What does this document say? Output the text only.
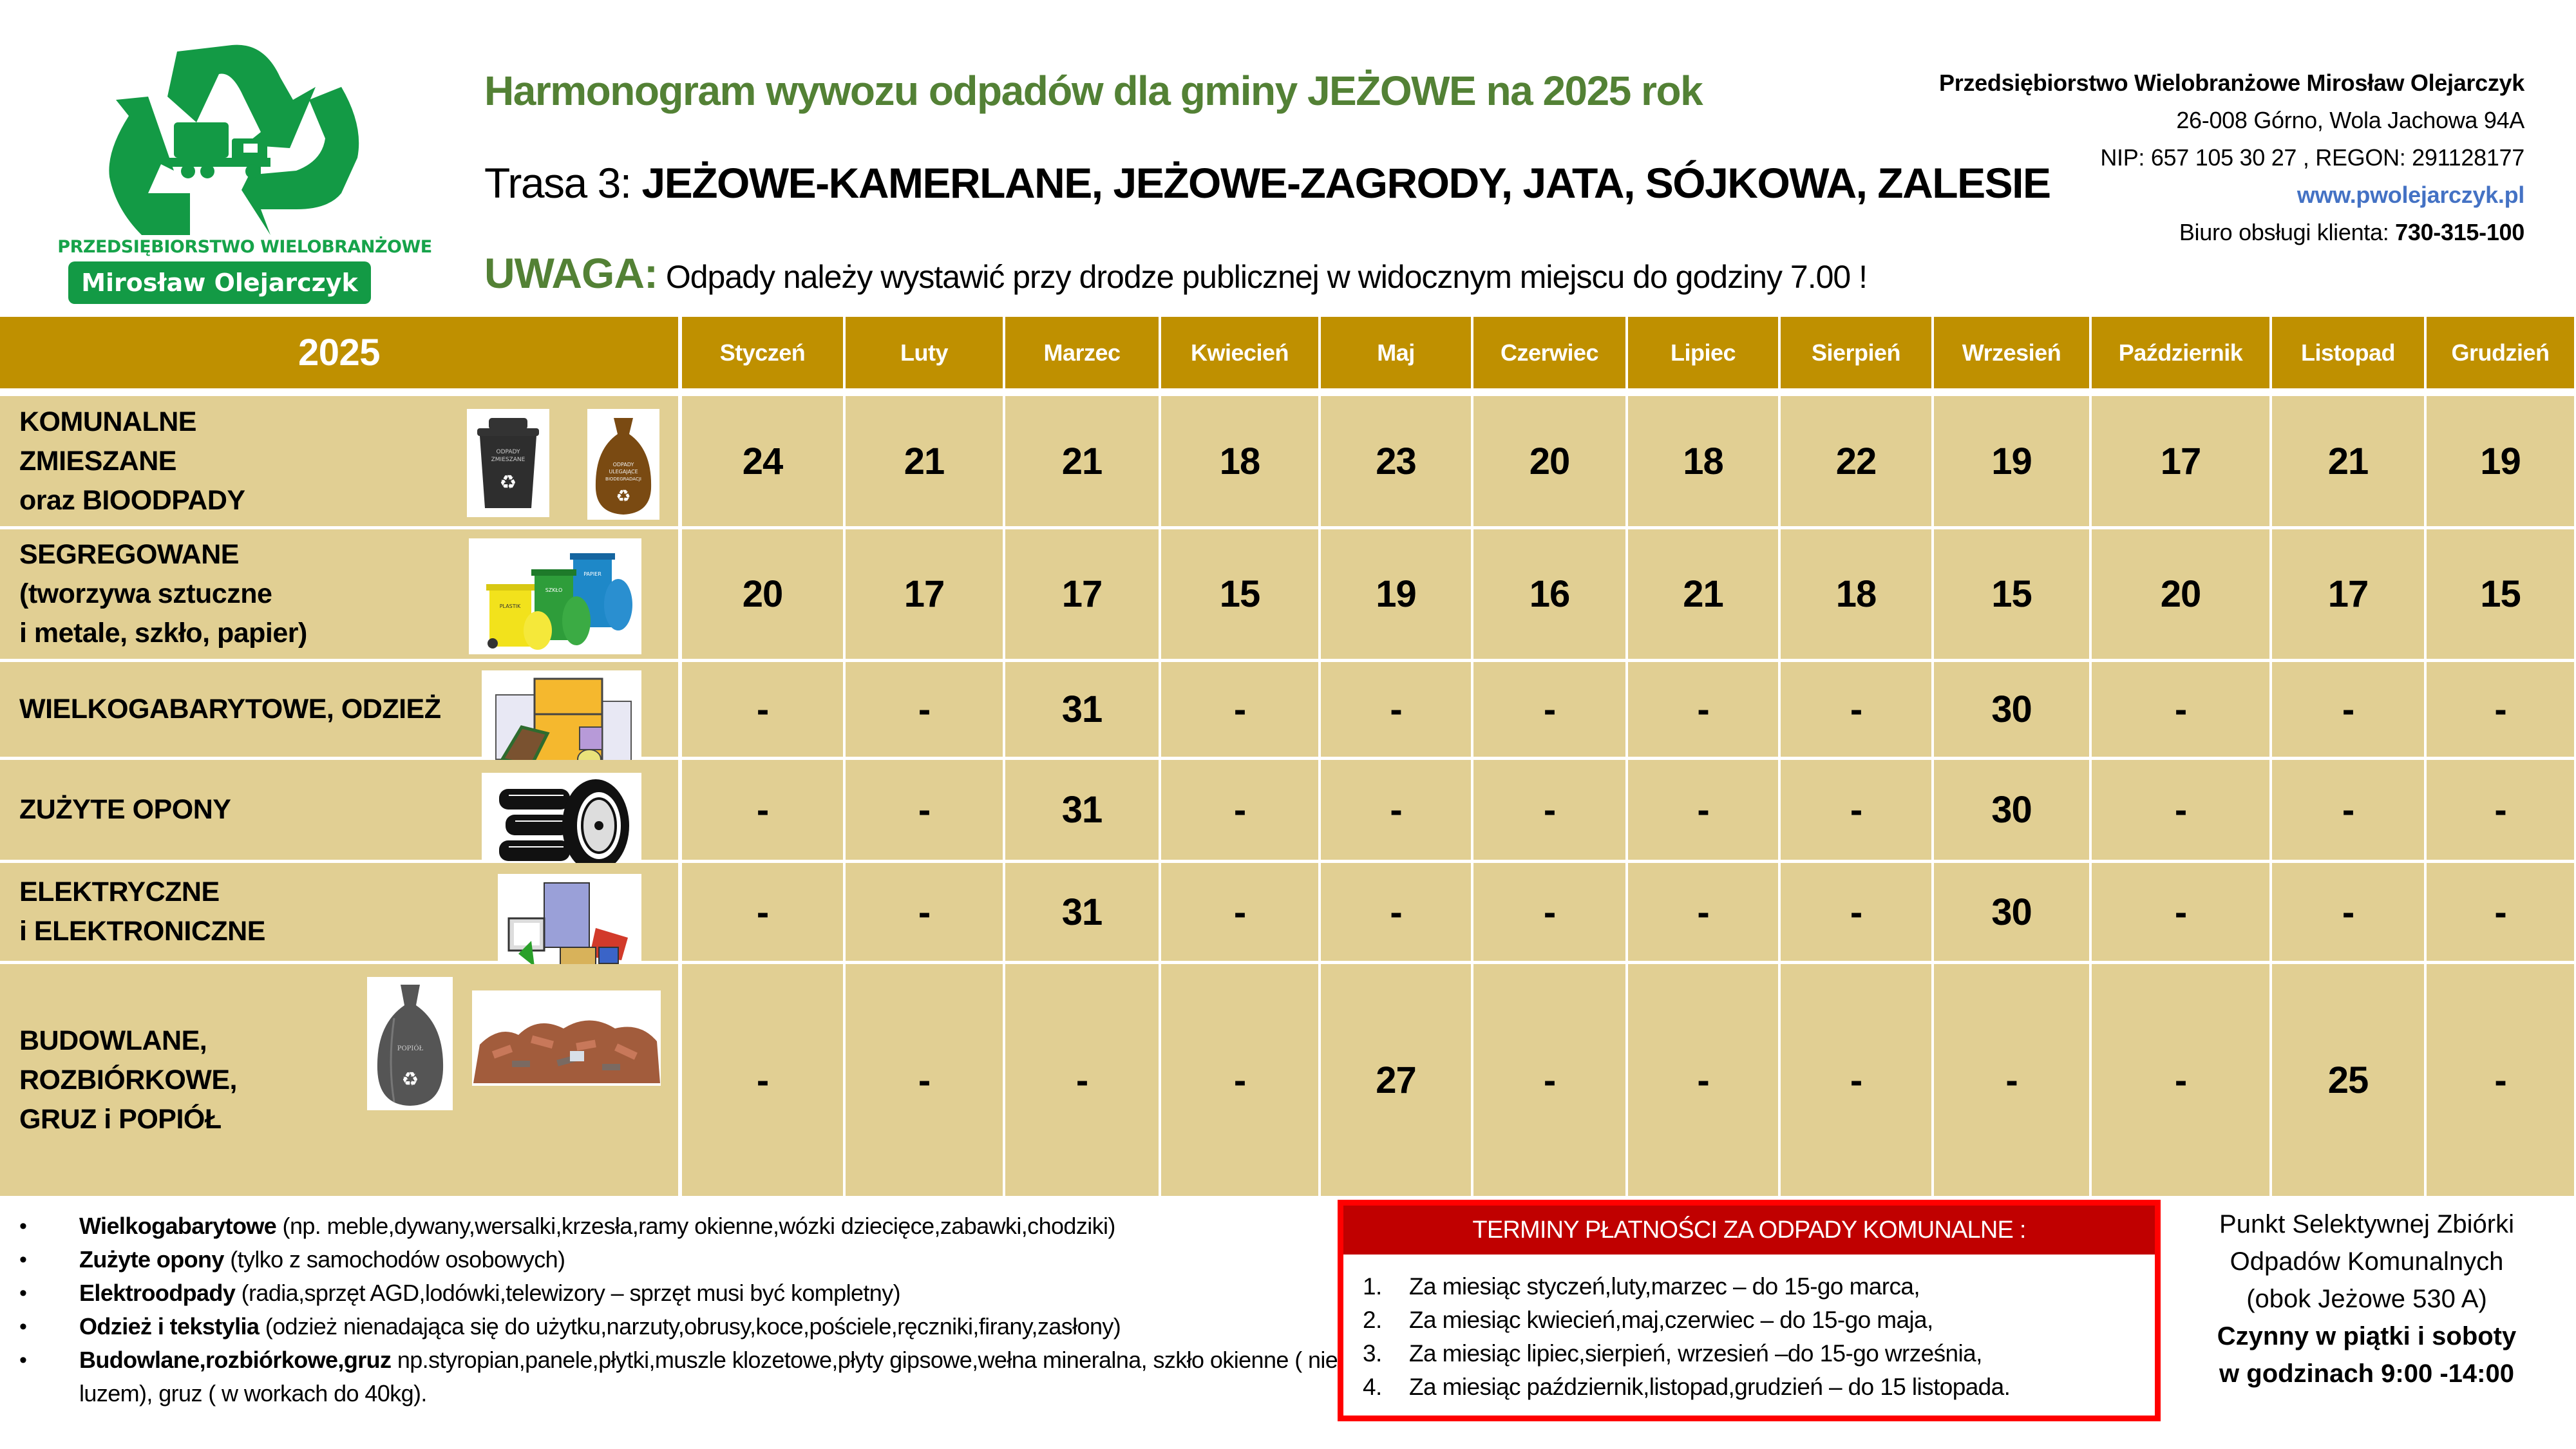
PRZEDSIĘBIORSTWO WIELOBRANŻOWE
Mirosław Olejarczyk
Harmonogram wywozu odpadów dla gminy JEŻOWE na 2025 rok
Trasa 3: JEŻOWE-KAMERLANE, JEŻOWE-ZAGRODY, JATA, SÓJKOWA, ZALESIE
UWAGA: Odpady należy wystawić przy drodze publicznej w widocznym miejscu do godziny 7.00 !
Przedsiębiorstwo Wielobranżowe Mirosław Olejarczyk
26-008 Górno, Wola Jachowa 94A
NIP: 657 105 30 27 , REGON: 291128177
www.pwolejarczyk.pl
Biuro obsługi klienta: 730-315-100
2025	Styczeń	Luty	Marzec	Kwiecień	Maj	Czerwiec	Lipiec	Sierpień	Wrzesień	Październik	Listopad	Grudzień
KOMUNALNE
ZMIESZANE
oraz BIOODPADY
ODPADY
ZMIESZANE
♻
ODPADY
ULEGAJĄCE
BIODEGRADACJI
♻
24	21	21	18	23	20	18	22	19	17	21	19
SEGREGOWANE
(tworzywa sztuczne
i metale, szkło, papier)
PLASTIK
SZKŁO
PAPIER	20	17	17	15	19	16	21	18	15	20	17	15
WIELKOGABARYTOWE, ODZIEŻ	-	-	31	-	-	-	-	-	30	-	-	-
ZUŻYTE OPONY	-	-	31	-	-	-	-	-	30	-	-	-
ELEKTRYCZNE
i ELEKTRONICZNE	-	-	31	-	-	-	-	-	30	-	-	-
BUDOWLANE,
ROZBIÓRKOWE,
GRUZ i POPIÓŁ
POPIÓŁ
♻	-	-	-	-	27	-	-	-	-	-	25	-
• Wielkogabarytowe (np. meble,dywany,wersalki,krzesła,ramy okienne,wózki dziecięce,zabawki,chodziki)
• Zużyte opony (tylko z samochodów osobowych)
• Elektroodpady (radia,sprzęt AGD,lodówki,telewizory – sprzęt musi być kompletny)
• Odzież i tekstylia (odzież nienadająca się do użytku,narzuty,obrusy,koce,pościele,ręczniki,firany,zasłony)
• Budowlane,rozbiórkowe,gruz np.styropian,panele,płytki,muszle klozetowe,płyty gipsowe,wełna mineralna, szkło okienne ( nie luzem), gruz ( w workach do 40kg).
TERMINY PŁATNOŚCI ZA ODPADY KOMUNALNE :
1.	Za miesiąc styczeń,luty,marzec – do 15-go marca,
2.	Za miesiąc kwiecień,maj,czerwiec – do 15-go maja,
3.	Za miesiąc lipiec,sierpień, wrzesień –do 15-go września,
4.	Za miesiąc październik,listopad,grudzień – do 15 listopada.
Punkt Selektywnej Zbiórki
Odpadów Komunalnych
(obok Jeżowe 530 A)
Czynny w piątki i soboty
w godzinach 9:00 -14:00
